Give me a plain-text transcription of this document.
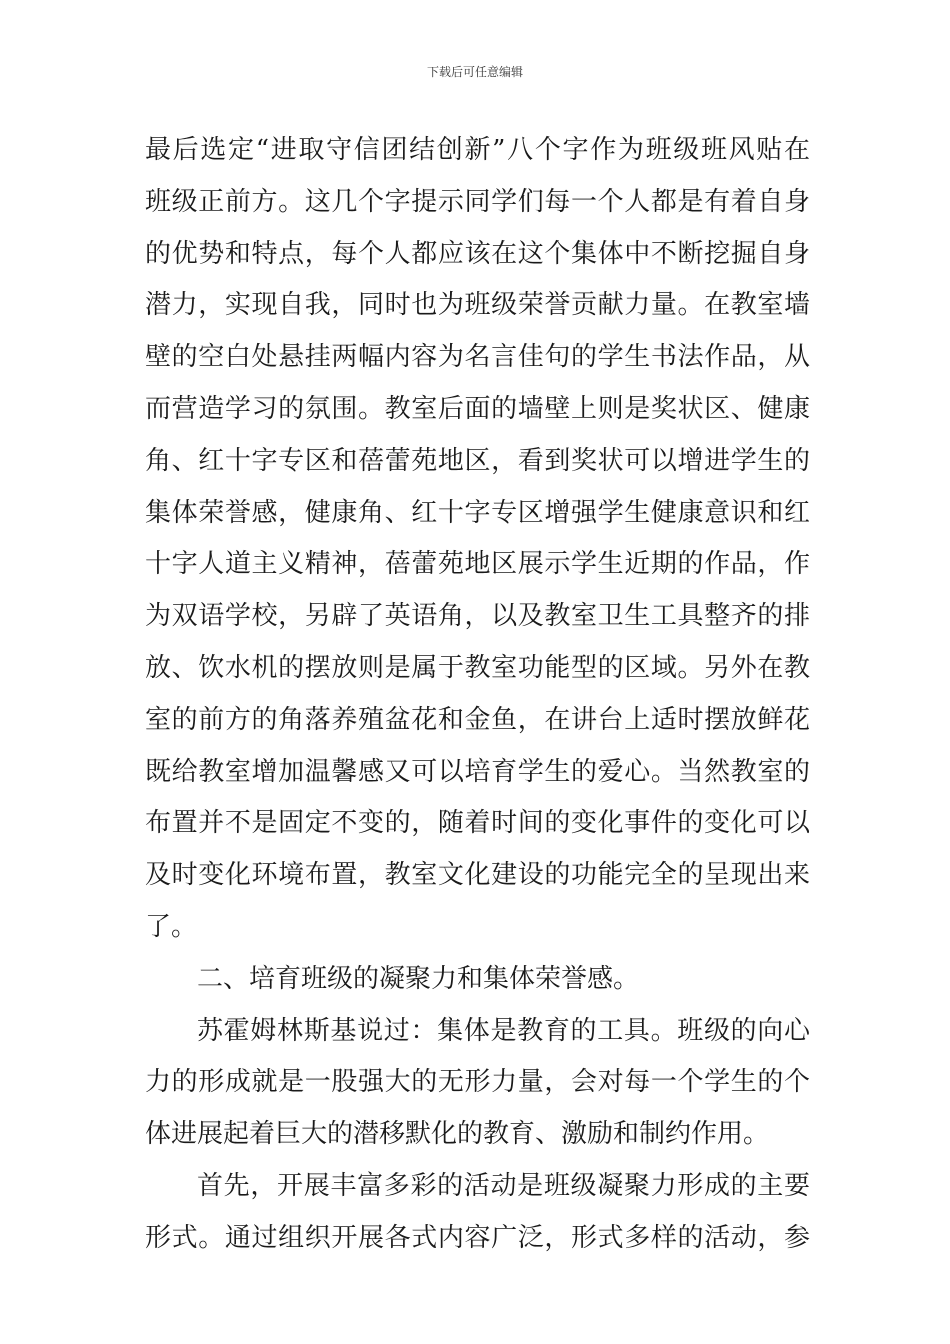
下载后可任意编辑
最后选定“进取守信团结创新”八个字作为班级班风贴在
班级正前方。这几个字提示同学们每一个人都是有着自身
的优势和特点，每个人都应该在这个集体中不断挖掘自身
潜力，实现自我，同时也为班级荣誉贡献力量。在教室墙
壁的空白处悬挂两幅内容为名言佳句的学生书法作品，从
而营造学习的氛围。教室后面的墙壁上则是奖状区、健康
角、红十字专区和蓓蕾苑地区，看到奖状可以增进学生的
集体荣誉感，健康角、红十字专区增强学生健康意识和红
十字人道主义精神，蓓蕾苑地区展示学生近期的作品，作
为双语学校，另辟了英语角，以及教室卫生工具整齐的排
放、饮水机的摆放则是属于教室功能型的区域。另外在教
室的前方的角落养殖盆花和金鱼，在讲台上适时摆放鲜花
既给教室增加温馨感又可以培育学生的爱心。当然教室的
布置并不是固定不变的，随着时间的变化事件的变化可以
及时变化环境布置，教室文化建设的功能完全的呈现出来
了。
二、培育班级的凝聚力和集体荣誉感。
苏霍姆林斯基说过：集体是教育的工具。班级的向心
力的形成就是一股强大的无形力量，会对每一个学生的个
体进展起着巨大的潜移默化的教育、激励和制约作用。
首先，开展丰富多彩的活动是班级凝聚力形成的主要
形式。通过组织开展各式内容广泛，形式多样的活动，参
